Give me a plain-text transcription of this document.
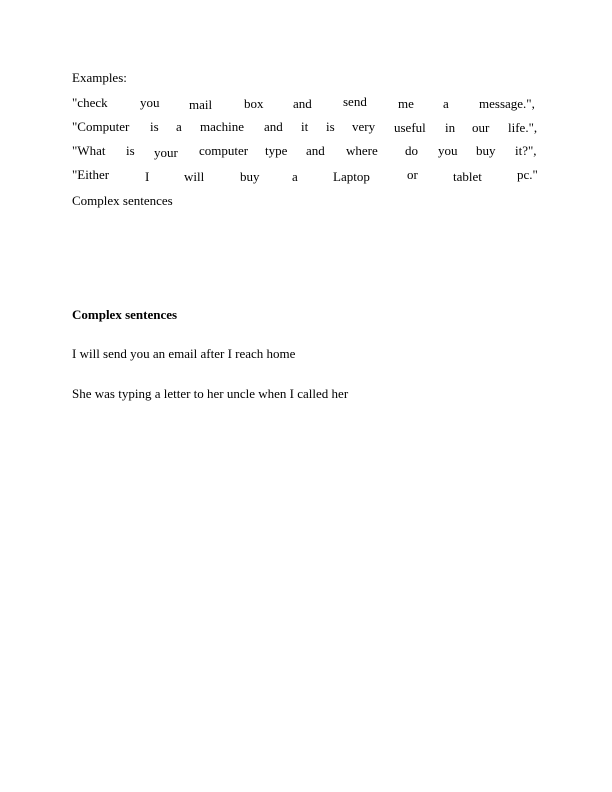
Examples:
"check you mail box and send me a message.",
"Computer is a machine and it is very useful in our life.",
"What is your computer type and where do you buy it?",
"Either	I	will	buy	a	Laptop	or	tablet	pc."
Complex sentences
Complex sentences
I will send you an email after I reach home
She was typing a letter to her uncle when I called her
